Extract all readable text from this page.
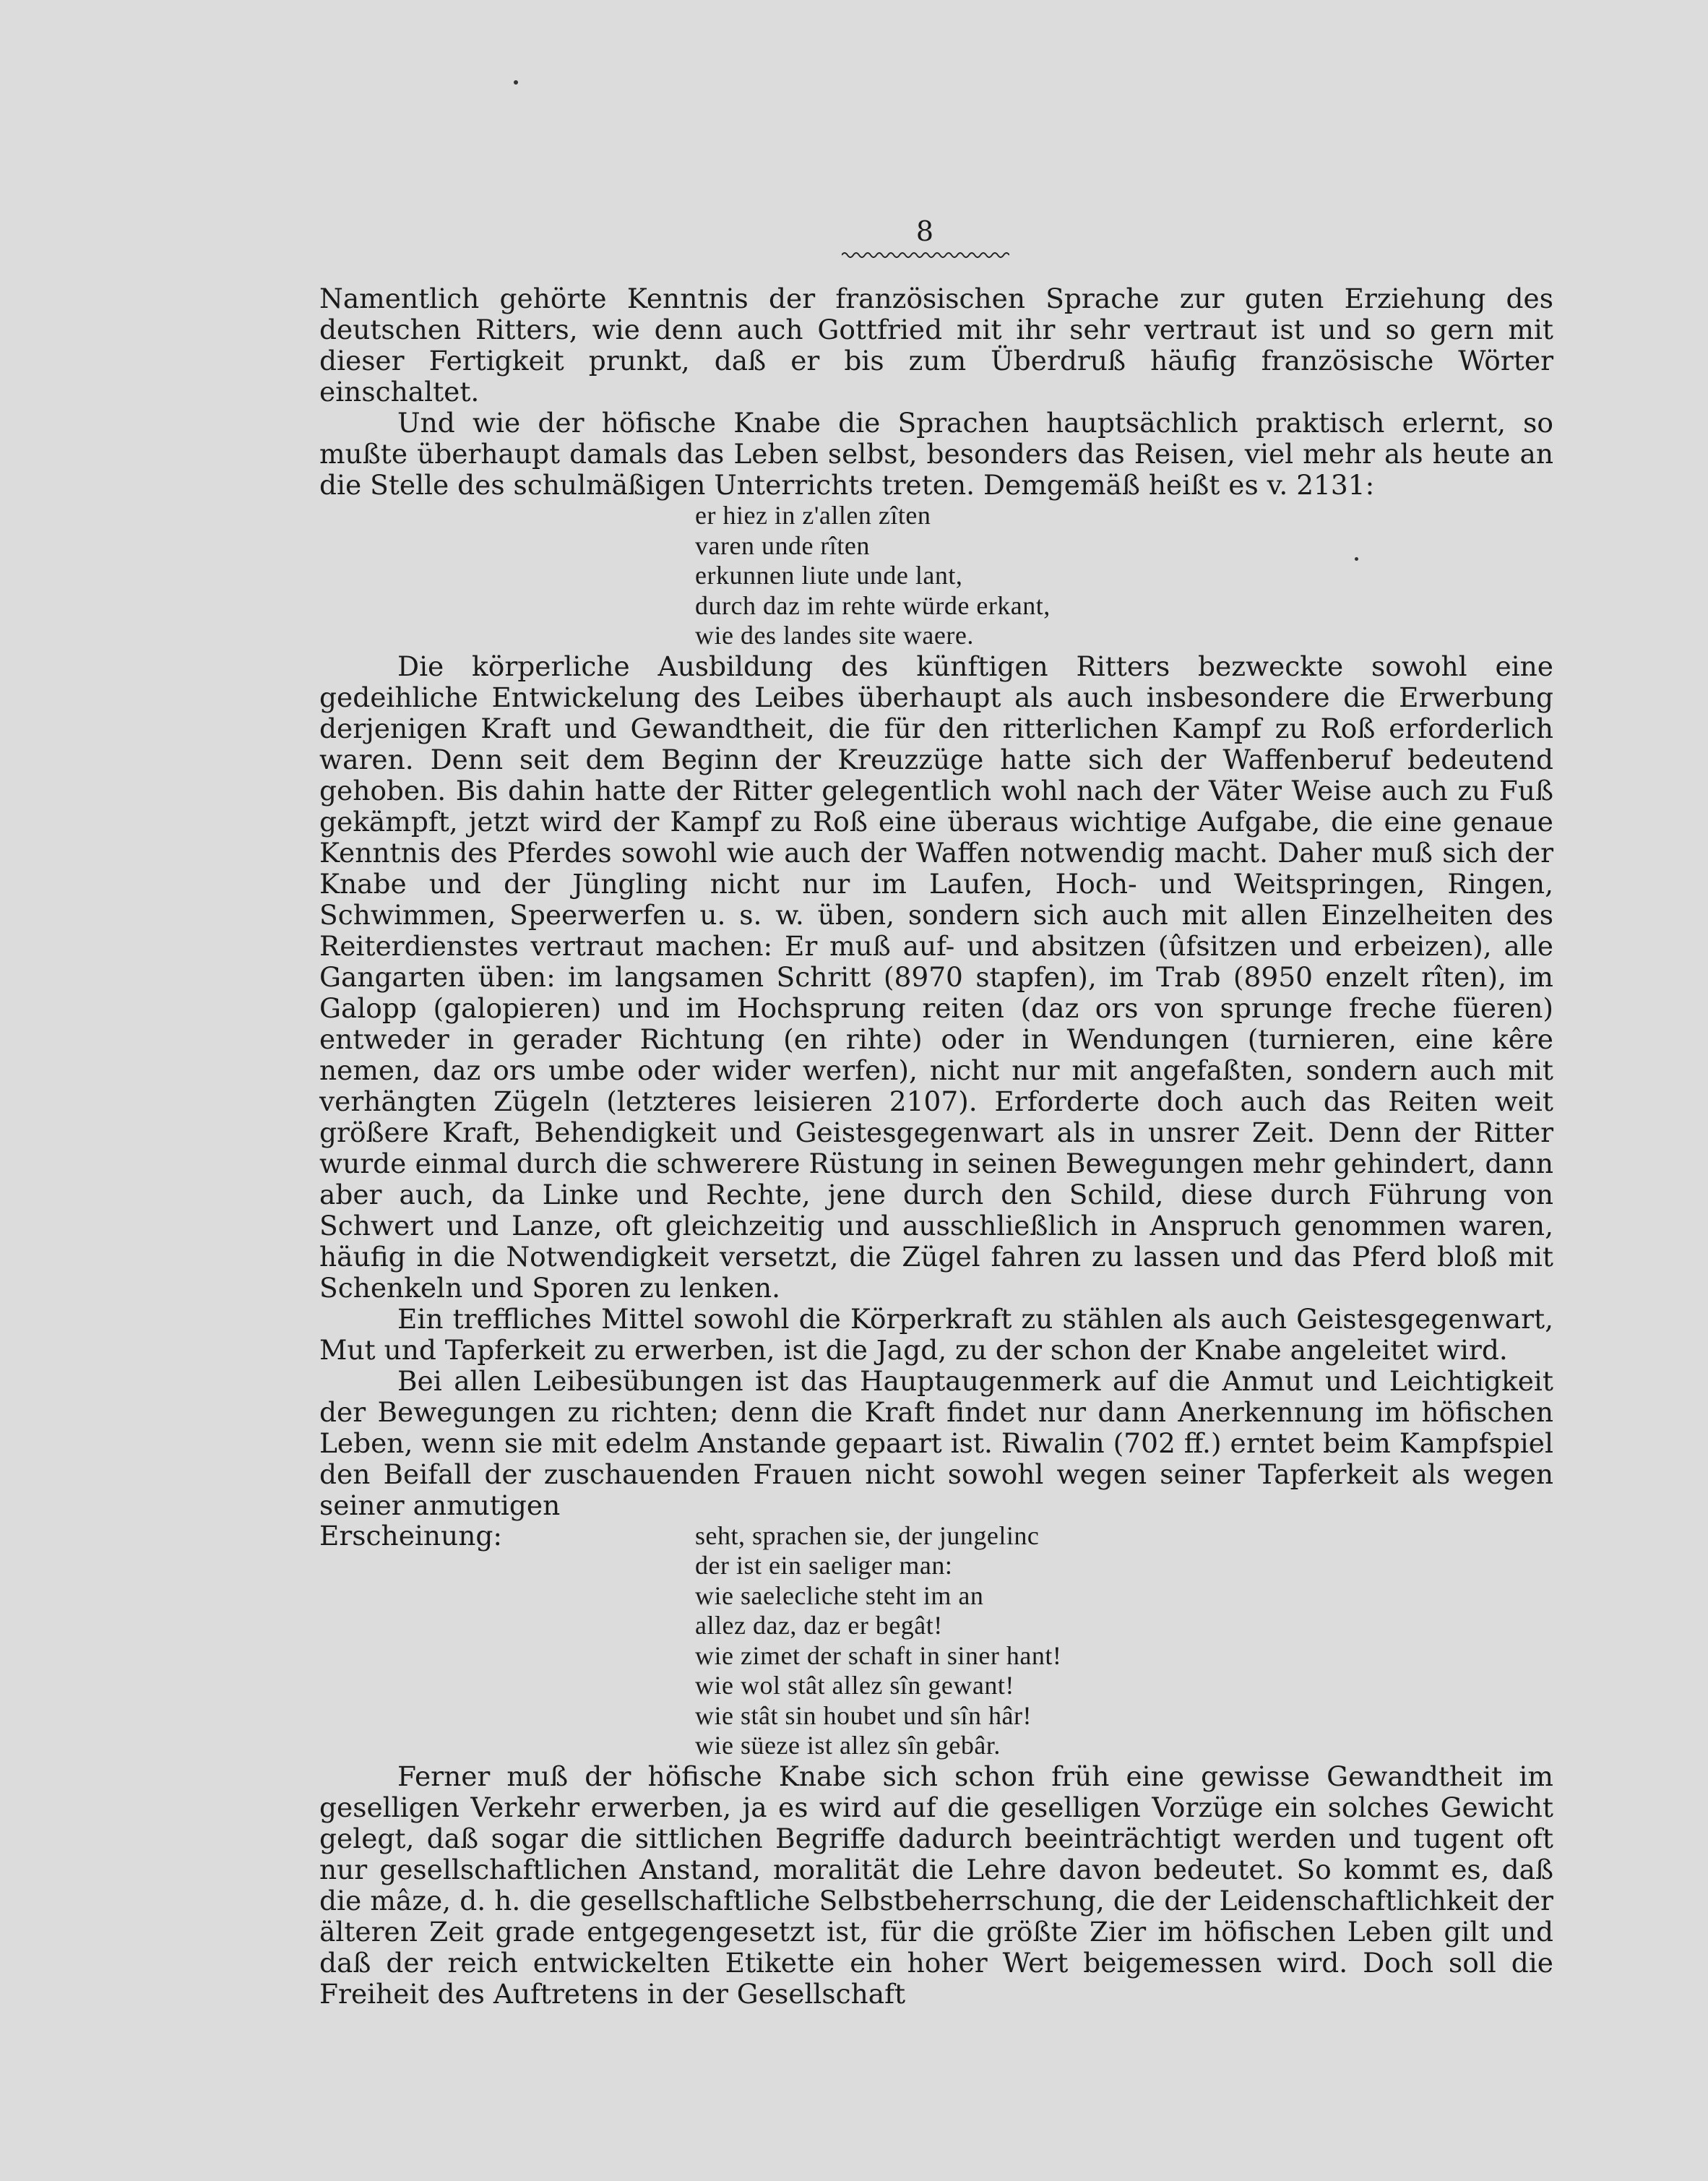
8

Namentlich gehörte Kenntnis der französischen Sprache zur guten Erziehung des deutschen Ritters, wie denn auch Gottfried mit ihr sehr vertraut ist und so gern mit dieser Fertigkeit prunkt, daß er bis zum Überdruß häufig französische Wörter einschaltet.

Und wie der höfische Knabe die Sprachen hauptsächlich praktisch erlernt, so mußte überhaupt damals das Leben selbst, besonders das Reisen, viel mehr als heute an die Stelle des schulmäßigen Unterrichts treten. Demgemäß heißt es v. 2131:

er hiez in z'allen zîten
varen unde rîten
erkunnen liute unde lant,
durch daz im rehte würde erkant,
wie des landes site waere.

Die körperliche Ausbildung des künftigen Ritters bezweckte sowohl eine gedeihliche Entwickelung des Leibes überhaupt als auch insbesondere die Erwerbung derjenigen Kraft und Gewandtheit, die für den ritterlichen Kampf zu Roß erforderlich waren. Denn seit dem Beginn der Kreuzzüge hatte sich der Waffenberuf bedeutend gehoben. Bis dahin hatte der Ritter gelegentlich wohl nach der Väter Weise auch zu Fuß gekämpft, jetzt wird der Kampf zu Roß eine überaus wichtige Aufgabe, die eine genaue Kenntnis des Pferdes sowohl wie auch der Waffen notwendig macht. Daher muß sich der Knabe und der Jüngling nicht nur im Laufen, Hoch- und Weitspringen, Ringen, Schwimmen, Speerwerfen u. s. w. üben, sondern sich auch mit allen Einzelheiten des Reiterdienstes vertraut machen: Er muß auf- und absitzen (ûfsitzen und erbeizen), alle Gangarten üben: im langsamen Schritt (8970 stapfen), im Trab (8950 enzelt rîten), im Galopp (galopieren) und im Hochsprung reiten (daz ors von sprunge freche füeren) entweder in gerader Richtung (en rihte) oder in Wendungen (turnieren, eine kêre nemen, daz ors umbe oder wider werfen), nicht nur mit angefaßten, sondern auch mit verhängten Zügeln (letzteres leisieren 2107). Erforderte doch auch das Reiten weit größere Kraft, Behendigkeit und Geistesgegenwart als in unsrer Zeit. Denn der Ritter wurde einmal durch die schwerere Rüstung in seinen Bewegungen mehr gehindert, dann aber auch, da Linke und Rechte, jene durch den Schild, diese durch Führung von Schwert und Lanze, oft gleichzeitig und ausschließlich in Anspruch genommen waren, häufig in die Notwendigkeit versetzt, die Zügel fahren zu lassen und das Pferd bloß mit Schenkeln und Sporen zu lenken.

Ein treffliches Mittel sowohl die Körperkraft zu stählen als auch Geistesgegenwart, Mut und Tapferkeit zu erwerben, ist die Jagd, zu der schon der Knabe angeleitet wird.

Bei allen Leibesübungen ist das Hauptaugenmerk auf die Anmut und Leichtigkeit der Bewegungen zu richten; denn die Kraft findet nur dann Anerkennung im höfischen Leben, wenn sie mit edelm Anstande gepaart ist. Riwalin (702 ff.) erntet beim Kampfspiel den Beifall der zuschauenden Frauen nicht sowohl wegen seiner Tapferkeit als wegen seiner anmutigen

Erscheinung:	seht, sprachen sie, der jungelinc
der ist ein saeliger man:
wie saelecliche steht im an
allez daz, daz er begât!
wie zimet der schaft in siner hant!
wie wol stât allez sîn gewant!
wie stât sin houbet und sîn hâr!
wie süeze ist allez sîn gebâr.

Ferner muß der höfische Knabe sich schon früh eine gewisse Gewandtheit im geselligen Verkehr erwerben, ja es wird auf die geselligen Vorzüge ein solches Gewicht gelegt, daß sogar die sittlichen Begriffe dadurch beeinträchtigt werden und tugent oft nur gesellschaftlichen Anstand, moralität die Lehre davon bedeutet. So kommt es, daß die mâze, d. h. die gesellschaftliche Selbstbeherrschung, die der Leidenschaftlichkeit der älteren Zeit grade entgegengesetzt ist, für die größte Zier im höfischen Leben gilt und daß der reich entwickelten Etikette ein hoher Wert beigemessen wird. Doch soll die Freiheit des Auftretens in der Gesellschaft
